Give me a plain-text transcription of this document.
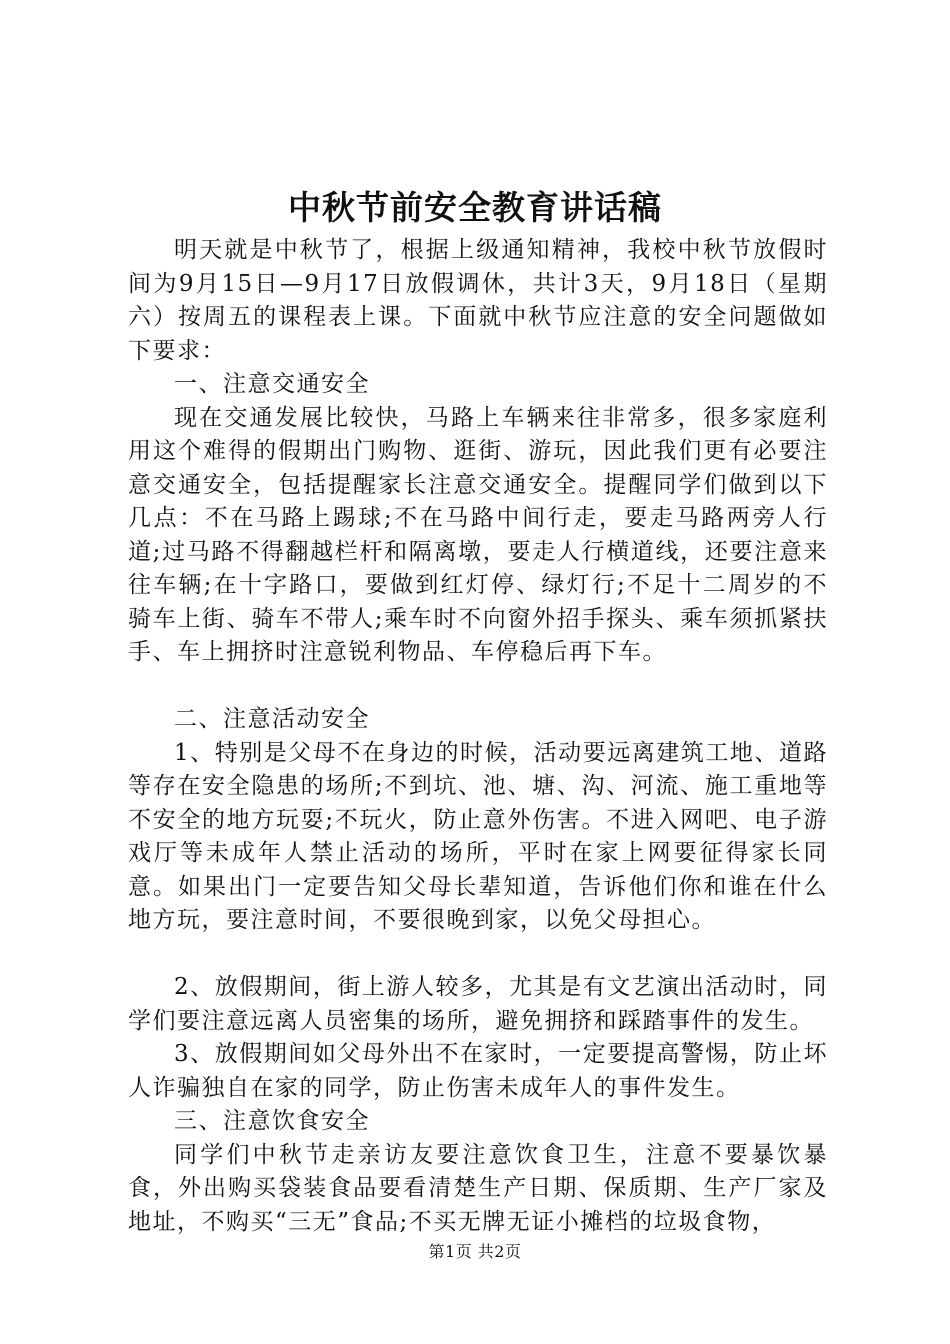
中秋节前安全教育讲话稿

明天就是中秋节了，根据上级通知精神，我校中秋节放假时间为9月15日—9月17日放假调休，共计3天，9月18日（星期六）按周五的课程表上课。下面就中秋节应注意的安全问题做如下要求：

一、注意交通安全

现在交通发展比较快，马路上车辆来往非常多，很多家庭利用这个难得的假期出门购物、逛街、游玩，因此我们更有必要注意交通安全，包括提醒家长注意交通安全。提醒同学们做到以下几点：不在马路上踢球;不在马路中间行走，要走马路两旁人行道;过马路不得翻越栏杆和隔离墩，要走人行横道线，还要注意来往车辆;在十字路口，要做到红灯停、绿灯行;不足十二周岁的不骑车上街、骑车不带人;乘车时不向窗外招手探头、乘车须抓紧扶手、车上拥挤时注意锐利物品、车停稳后再下车。

二、注意活动安全

1、特别是父母不在身边的时候，活动要远离建筑工地、道路等存在安全隐患的场所;不到坑、池、塘、沟、河流、施工重地等不安全的地方玩耍;不玩火，防止意外伤害。不进入网吧、电子游戏厅等未成年人禁止活动的场所，平时在家上网要征得家长同意。如果出门一定要告知父母长辈知道，告诉他们你和谁在什么地方玩，要注意时间，不要很晚到家，以免父母担心。

2、放假期间，街上游人较多，尤其是有文艺演出活动时，同学们要注意远离人员密集的场所，避免拥挤和踩踏事件的发生。

3、放假期间如父母外出不在家时，一定要提高警惕，防止坏人诈骗独自在家的同学，防止伤害未成年人的事件发生。

三、注意饮食安全

同学们中秋节走亲访友要注意饮食卫生，注意不要暴饮暴食，外出购买袋装食品要看清楚生产日期、保质期、生产厂家及地址，不购买“三无”食品;不买无牌无证小摊档的垃圾食物，

第1页 共2页
